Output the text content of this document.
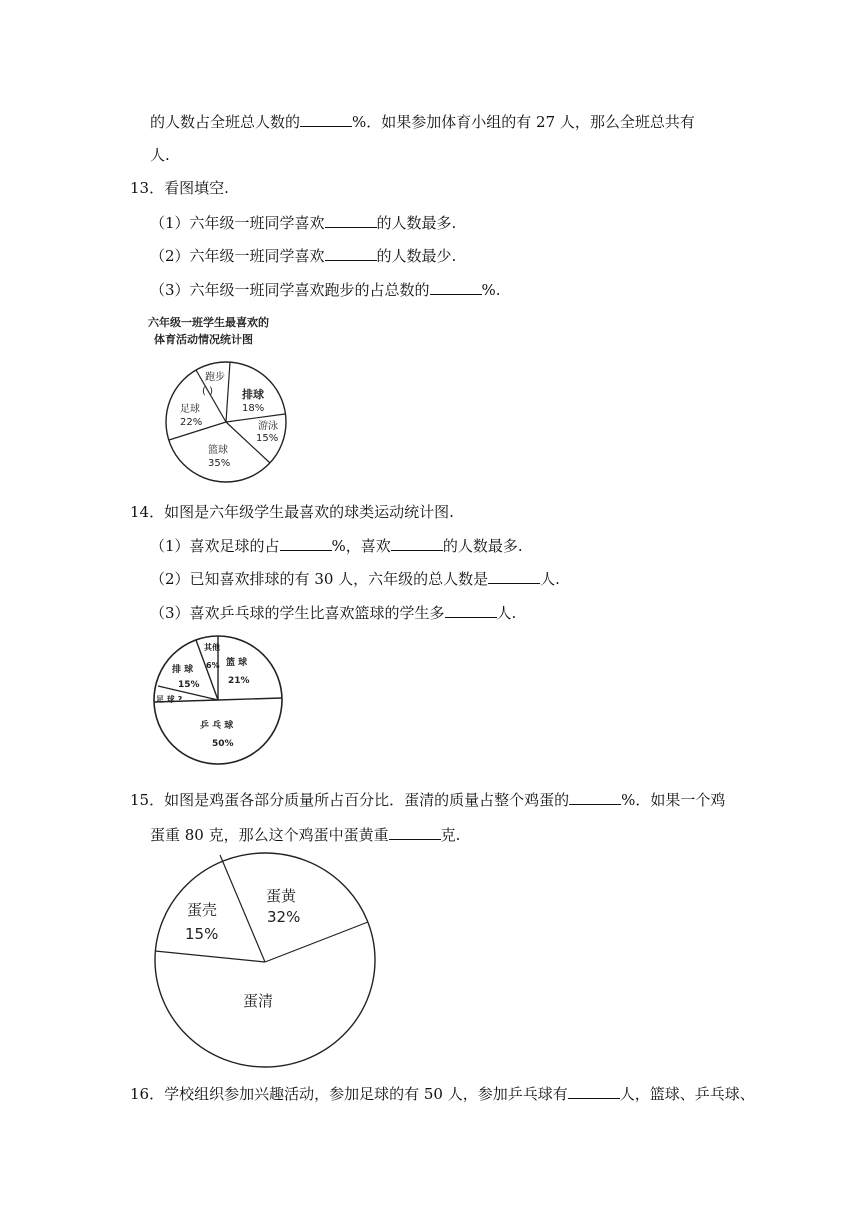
的人数占全班总人数的	%．如果参加体育小组的有 27 人，那么全班总共有
人.
13．看图填空.
（1）六年级一班同学喜欢	的人数最多.
（2）六年级一班同学喜欢	的人数最少.
（3）六年级一班同学喜欢跑步的占总数的	%.
六年级一班学生最喜欢的
体育活动情况统计图
跑步
( )	排球
18%
游泳
15%
足球
22%
篮球
35%
14．如图是六年级学生最喜欢的球类运动统计图.
（1）喜欢足球的占	%，喜欢	的人数最多.
（2）已知喜欢排球的有 30 人，六年级的总人数是	人.
（3）喜欢乒乓球的学生比喜欢篮球的学生多	人.
其他
6% 篮 球
21%
排 球
15%
足 球 ?
乒 乓 球
50%
15．如图是鸡蛋各部分质量所占百分比．蛋清的质量占整个鸡蛋的	%．如果一个鸡
蛋重 80 克，那么这个鸡蛋中蛋黄重	克.
蛋黄
32%
蛋壳
15%
蛋清
16．学校组织参加兴趣活动，参加足球的有 50 人，参加乒乓球有	人，篮球、乒乓球、
